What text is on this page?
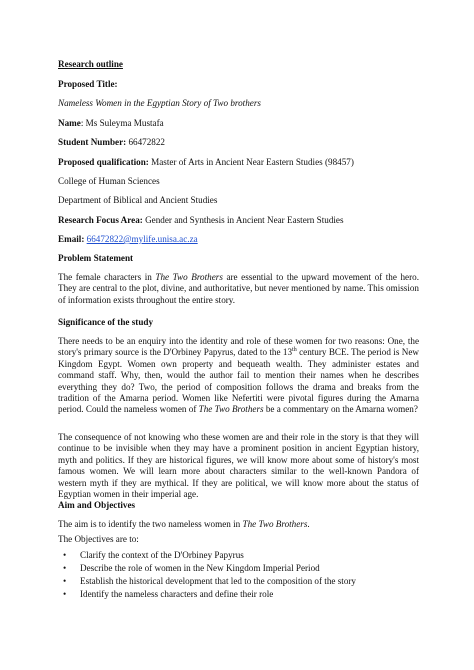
Research outline
Proposed Title:
Nameless Women in the Egyptian Story of Two brothers
Name: Ms Suleyma Mustafa
Student Number: 66472822
Proposed qualification: Master of Arts in Ancient Near Eastern Studies (98457)
College of Human Sciences
Department of Biblical and Ancient Studies
Research Focus Area: Gender and Synthesis in Ancient Near Eastern Studies
Email: 66472822@mylife.unisa.ac.za
Problem Statement
The female characters in The Two Brothers are essential to the upward movement of the hero. They are central to the plot, divine, and authoritative, but never mentioned by name. This omission of information exists throughout the entire story.
Significance of the study
There needs to be an enquiry into the identity and role of these women for two reasons: One, the story's primary source is the D'Orbiney Papyrus, dated to the 13th century BCE. The period is New Kingdom Egypt. Women own property and bequeath wealth. They administer estates and command staff. Why, then, would the author fail to mention their names when he describes everything they do? Two, the period of composition follows the drama and breaks from the tradition of the Amarna period. Women like Nefertiti were pivotal figures during the Amarna period. Could the nameless women of The Two Brothers be a commentary on the Amarna women?
The consequence of not knowing who these women are and their role in the story is that they will continue to be invisible when they may have a prominent position in ancient Egyptian history, myth and politics. If they are historical figures, we will know more about some of history's most famous women. We will learn more about characters similar to the well-known Pandora of western myth if they are mythical. If they are political, we will know more about the status of Egyptian women in their imperial age.
Aim and Objectives
The aim is to identify the two nameless women in The Two Brothers.
The Objectives are to:
• Clarify the context of the D'Orbiney Papyrus
• Describe the role of women in the New Kingdom Imperial Period
• Establish the historical development that led to the composition of the story
• Identify the nameless characters and define their role
